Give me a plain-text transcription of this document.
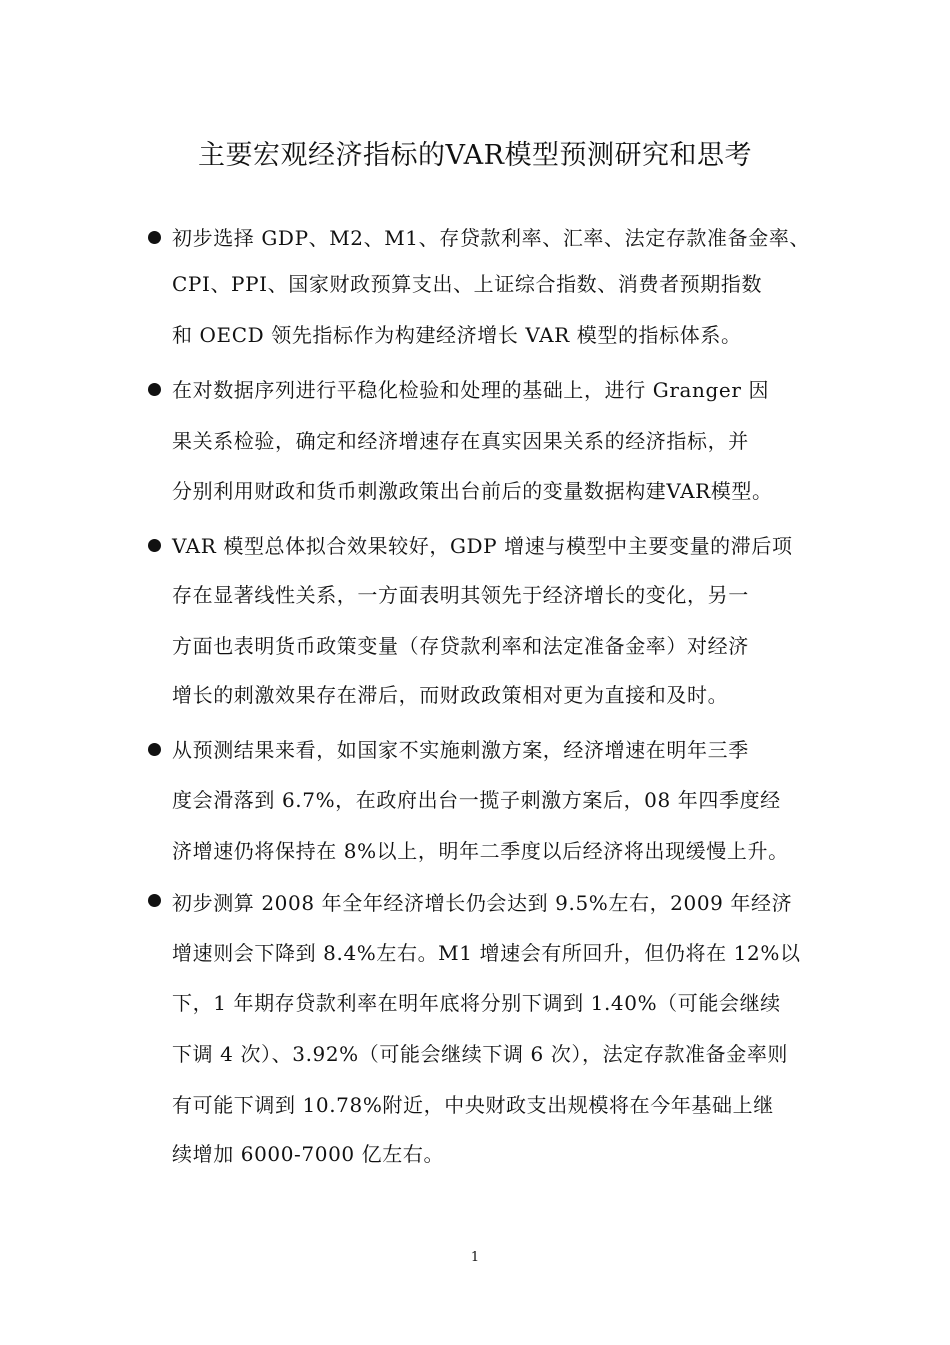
主要宏观经济指标的VAR模型预测研究和思考
初步选择 GDP、M2、M1、存贷款利率、汇率、法定存款准备金率、
CPI、PPI、国家财政预算支出、上证综合指数、消费者预期指数
和 OECD 领先指标作为构建经济增长 VAR 模型的指标体系。
在对数据序列进行平稳化检验和处理的基础上，进行 Granger 因
果关系检验，确定和经济增速存在真实因果关系的经济指标，并
分别利用财政和货币刺激政策出台前后的变量数据构建VAR模型。
VAR 模型总体拟合效果较好，GDP 增速与模型中主要变量的滞后项
存在显著线性关系，一方面表明其领先于经济增长的变化，另一
方面也表明货币政策变量（存贷款利率和法定准备金率）对经济
增长的刺激效果存在滞后，而财政政策相对更为直接和及时。
从预测结果来看，如国家不实施刺激方案，经济增速在明年三季
度会滑落到 6.7%，在政府出台一揽子刺激方案后，08 年四季度经
济增速仍将保持在 8%以上，明年二季度以后经济将出现缓慢上升。
初步测算 2008 年全年经济增长仍会达到 9.5%左右，2009 年经济
增速则会下降到 8.4%左右。M1 增速会有所回升，但仍将在 12%以
下，1 年期存贷款利率在明年底将分别下调到 1.40%（可能会继续
下调 4 次）、3.92%（可能会继续下调 6 次），法定存款准备金率则
有可能下调到 10.78%附近，中央财政支出规模将在今年基础上继
续增加 6000-7000 亿左右。
1
